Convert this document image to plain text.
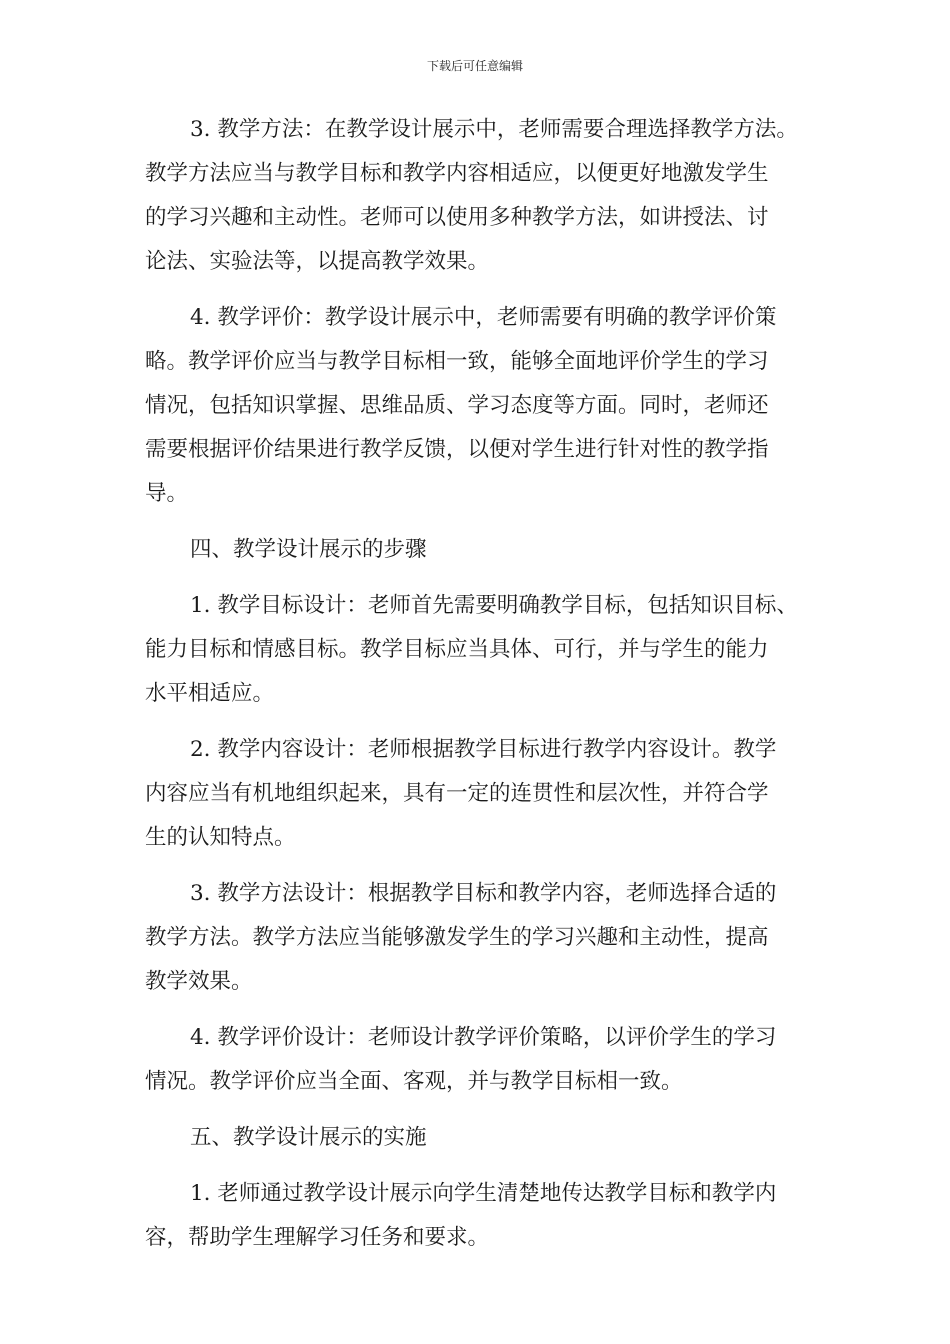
下载后可任意编辑
3. 教学方法：在教学设计展示中，老师需要合理选择教学方法。
教学方法应当与教学目标和教学内容相适应，以便更好地激发学生
的学习兴趣和主动性。老师可以使用多种教学方法，如讲授法、讨
论法、实验法等，以提高教学效果。
4. 教学评价：教学设计展示中，老师需要有明确的教学评价策
略。教学评价应当与教学目标相一致，能够全面地评价学生的学习
情况，包括知识掌握、思维品质、学习态度等方面。同时，老师还
需要根据评价结果进行教学反馈，以便对学生进行针对性的教学指
导。
四、教学设计展示的步骤
1. 教学目标设计：老师首先需要明确教学目标，包括知识目标、
能力目标和情感目标。教学目标应当具体、可行，并与学生的能力
水平相适应。
2. 教学内容设计：老师根据教学目标进行教学内容设计。教学
内容应当有机地组织起来，具有一定的连贯性和层次性，并符合学
生的认知特点。
3. 教学方法设计：根据教学目标和教学内容，老师选择合适的
教学方法。教学方法应当能够激发学生的学习兴趣和主动性，提高
教学效果。
4. 教学评价设计：老师设计教学评价策略，以评价学生的学习
情况。教学评价应当全面、客观，并与教学目标相一致。
五、教学设计展示的实施
1. 老师通过教学设计展示向学生清楚地传达教学目标和教学内
容，帮助学生理解学习任务和要求。
